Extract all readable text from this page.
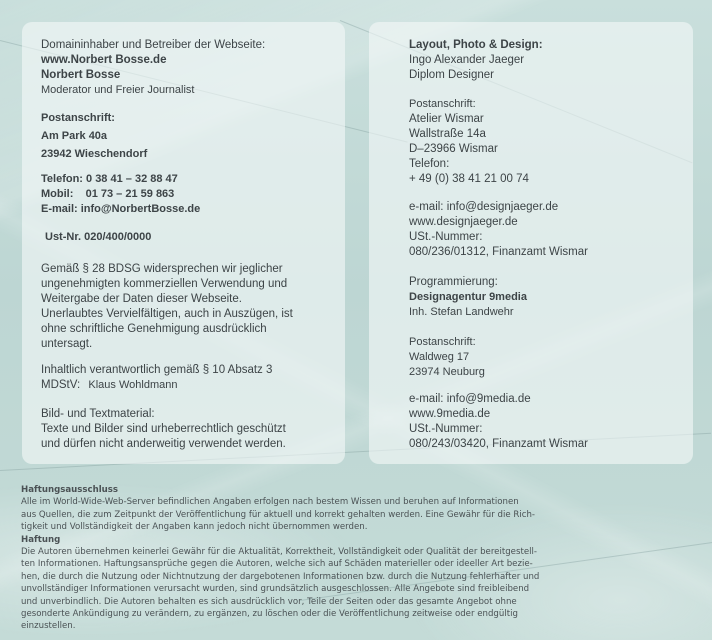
Domaininhaber und Betreiber der Webseite:
www.Norbert Bosse.de
Norbert Bosse
Moderator und Freier Journalist
Postanschrift:
Am Park 40a
23942 Wieschendorf
Telefon: 0 38 41 – 32 88 47
Mobil:    01 73 – 21 59 863
E-mail: info@NorbertBosse.de
Ust-Nr. 020/400/0000
Gemäß § 28 BDSG widersprechen wir jeglicher
ungenehmigten kommerziellen Verwendung und
Weitergabe der Daten dieser Webseite.
Unerlaubtes Vervielfältigen, auch in Auszügen, ist
ohne schriftliche Genehmigung ausdrücklich
untersagt.
Inhaltlich verantwortlich gemäß § 10 Absatz 3
MDStV: Klaus Wohldmann
Bild- und Textmaterial:
Texte und Bilder sind urheberrechtlich geschützt
und dürfen nicht anderweitig verwendet werden.
Layout, Photo & Design:
Ingo Alexander Jaeger
Diplom Designer
Postanschrift:
Atelier Wismar
Wallstraße 14a
D–23966 Wismar
Telefon:
+ 49 (0) 38 41 21 00 74
e-mail: info@designjaeger.de
www.designjaeger.de
USt.-Nummer:
080/236/01312, Finanzamt Wismar
Programmierung:
Designagentur 9media
Inh. Stefan Landwehr
Postanschrift:
Waldweg 17
23974 Neuburg
e-mail: info@9media.de
www.9media.de
USt.-Nummer:
080/243/03420, Finanzamt Wismar
Haftungsausschluss
Alle im World-Wide-Web-Server befindlichen Angaben erfolgen nach bestem Wissen und beruhen auf Informationen
aus Quellen, die zum Zeitpunkt der Veröffentlichung für aktuell und korrekt gehalten werden. Eine Gewähr für die Rich-
tigkeit und Vollständigkeit der Angaben kann jedoch nicht übernommen werden.
Haftung
Die Autoren übernehmen keinerlei Gewähr für die Aktualität, Korrektheit, Vollständigkeit oder Qualität der bereitgestell-
ten Informationen. Haftungsansprüche gegen die Autoren, welche sich auf Schäden materieller oder ideeller Art bezie-
hen, die durch die Nutzung oder Nichtnutzung der dargebotenen Informationen bzw. durch die Nutzung fehlerhafter und
unvollständiger Informationen verursacht wurden, sind grundsätzlich ausgeschlossen. Alle Angebote sind freibleibend
und unverbindlich. Die Autoren behalten es sich ausdrücklich vor, Teile der Seiten oder das gesamte Angebot ohne
gesonderte Ankündigung zu verändern, zu ergänzen, zu löschen oder die Veröffentlichung zeitweise oder endgültig
einzustellen.
